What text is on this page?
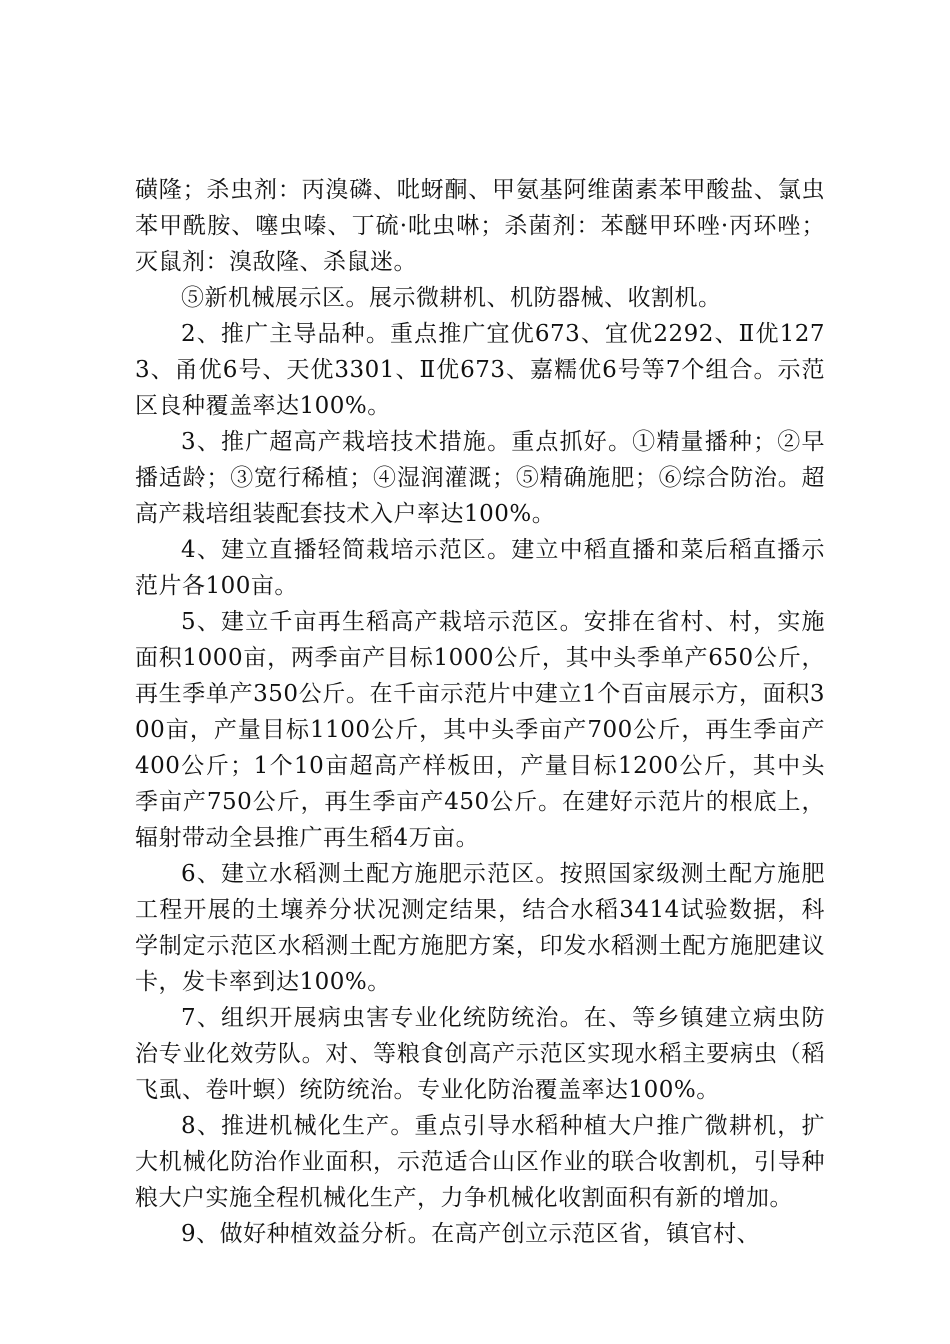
磺隆；杀虫剂：丙溴磷、吡蚜酮、甲氨基阿维菌素苯甲酸盐、氯虫苯甲酰胺、噻虫嗪、丁硫·吡虫啉；杀菌剂：苯醚甲环唑·丙环唑；灭鼠剂：溴敌隆、杀鼠迷。

⑤新机械展示区。展示微耕机、机防器械、收割机。

2、推广主导品种。重点推广宜优673、宜优2292、Ⅱ优1273、甬优6号、天优3301、Ⅱ优673、嘉糯优6号等7个组合。示范区良种覆盖率达100%。

3、推广超高产栽培技术措施。重点抓好。①精量播种；②早播适龄；③宽行稀植；④湿润灌溉；⑤精确施肥；⑥综合防治。超高产栽培组装配套技术入户率达100%。

4、建立直播轻简栽培示范区。建立中稻直播和菜后稻直播示范片各100亩。

5、建立千亩再生稻高产栽培示范区。安排在省村、村，实施面积1000亩，两季亩产目标1000公斤，其中头季单产650公斤，再生季单产350公斤。在千亩示范片中建立1个百亩展示方，面积300亩，产量目标1100公斤，其中头季亩产700公斤，再生季亩产400公斤；1个10亩超高产样板田，产量目标1200公斤，其中头季亩产750公斤，再生季亩产450公斤。在建好示范片的根底上，辐射带动全县推广再生稻4万亩。

6、建立水稻测土配方施肥示范区。按照国家级测土配方施肥工程开展的土壤养分状况测定结果，结合水稻3414试验数据，科学制定示范区水稻测土配方施肥方案，印发水稻测土配方施肥建议卡，发卡率到达100%。

7、组织开展病虫害专业化统防统治。在、等乡镇建立病虫防治专业化效劳队。对、等粮食创高产示范区实现水稻主要病虫（稻飞虱、卷叶螟）统防统治。专业化防治覆盖率达100%。

8、推进机械化生产。重点引导水稻种植大户推广微耕机，扩大机械化防治作业面积，示范适合山区作业的联合收割机，引导种粮大户实施全程机械化生产，力争机械化收割面积有新的增加。

9、做好种植效益分析。在高产创立示范区省，镇官村、
